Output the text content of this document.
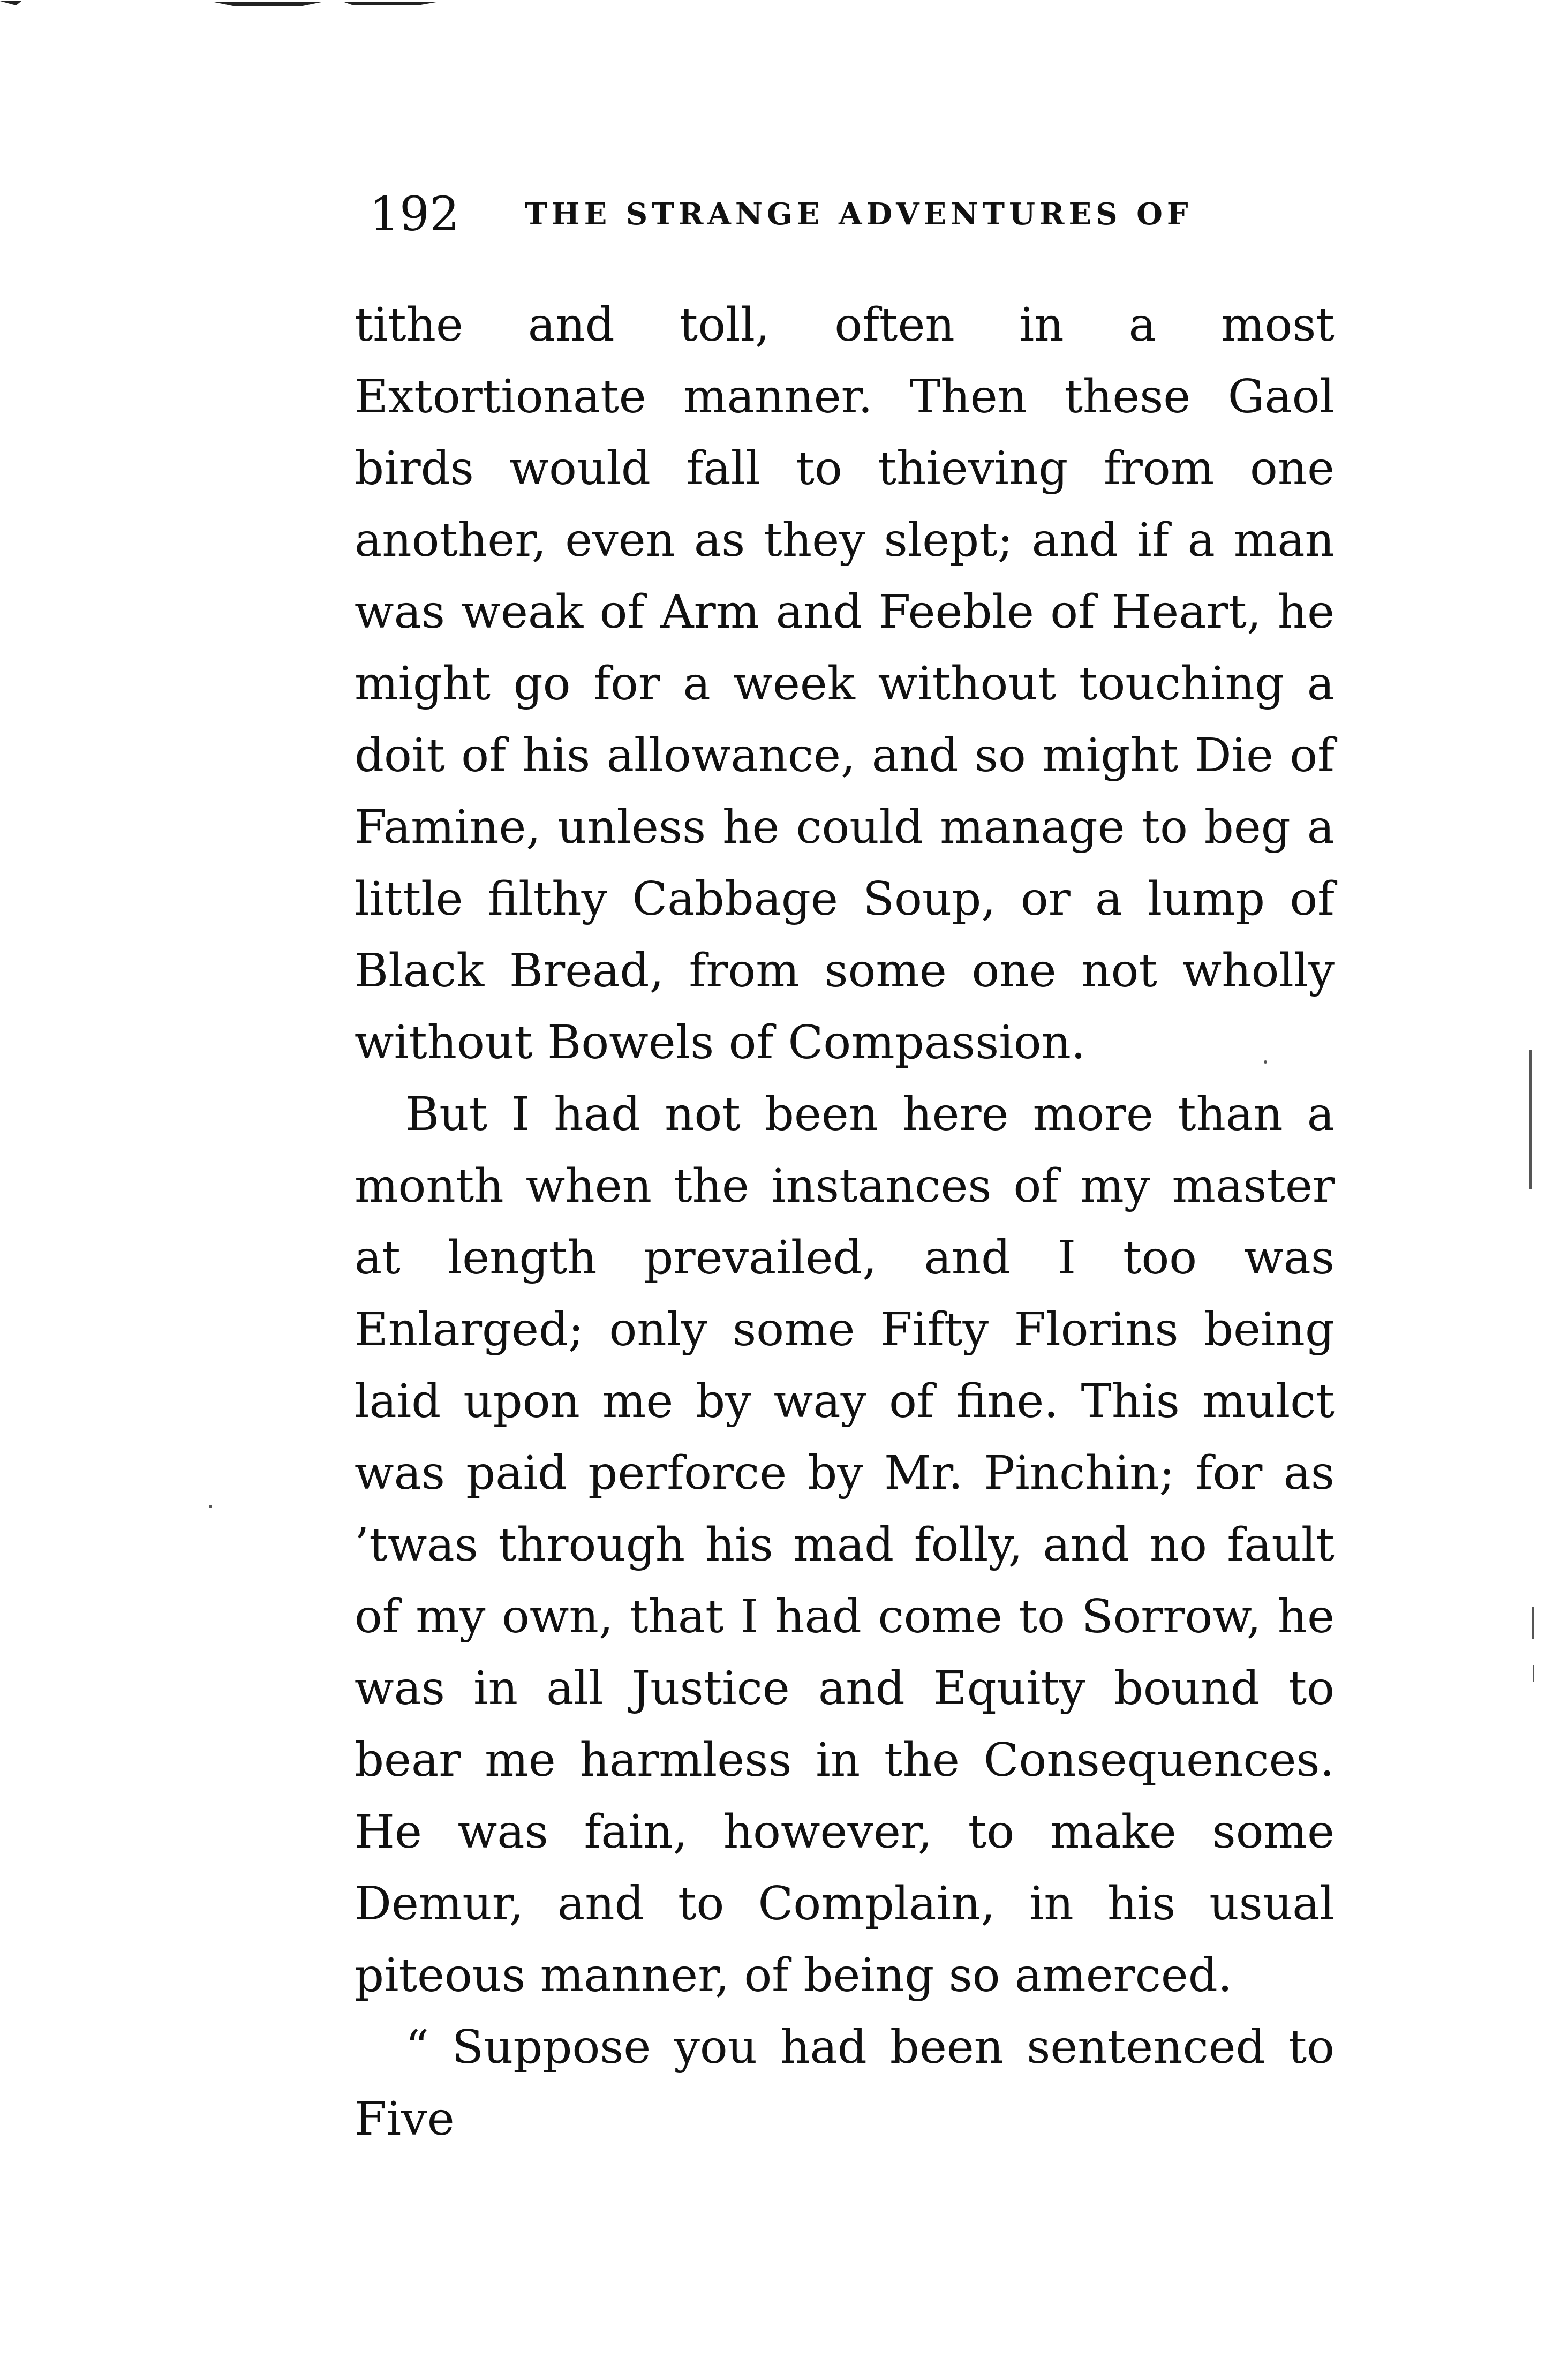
192 THE STRANGE ADVENTURES OF

tithe and toll, often in a most Extortionate manner. Then these Gaol birds would fall to thieving from one another, even as they slept; and if a man was weak of Arm and Feeble of Heart, he might go for a week without touching a doit of his allowance, and so might Die of Famine, unless he could manage to beg a little filthy Cabbage Soup, or a lump of Black Bread, from some one not wholly without Bowels of Compassion.

But I had not been here more than a month when the instances of my master at length prevailed, and I too was Enlarged; only some Fifty Florins being laid upon me by way of fine. This mulct was paid perforce by Mr. Pinchin; for as ’twas through his mad folly, and no fault of my own, that I had come to Sorrow, he was in all Justice and Equity bound to bear me harmless in the Consequences. He was fain, however, to make some Demur, and to Complain, in his usual piteous manner, of being so amerced.

“ Suppose you had been sentenced to Five
